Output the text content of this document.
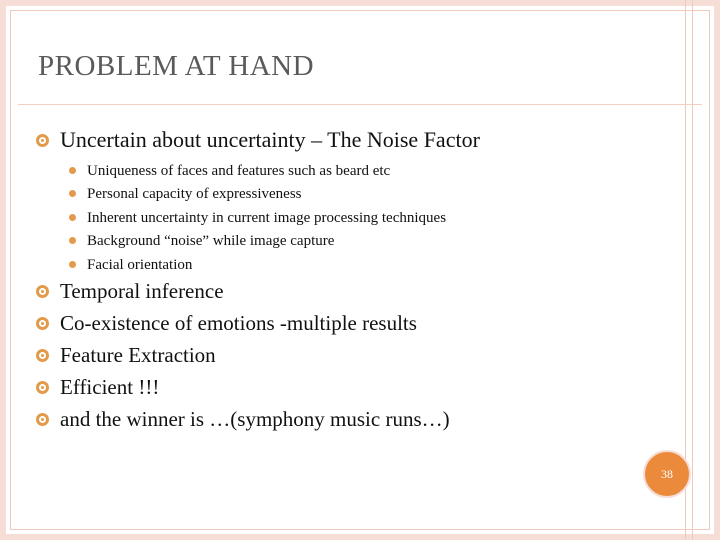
PROBLEM AT HAND
Uncertain about uncertainty – The Noise Factor
Uniqueness of faces and features such as beard etc
Personal capacity of expressiveness
Inherent uncertainty in current image processing techniques
Background “noise” while image capture
Facial orientation
Temporal inference
Co-existence of emotions -multiple results
Feature Extraction
Efficient !!!
and the winner is …(symphony music runs…)
38
